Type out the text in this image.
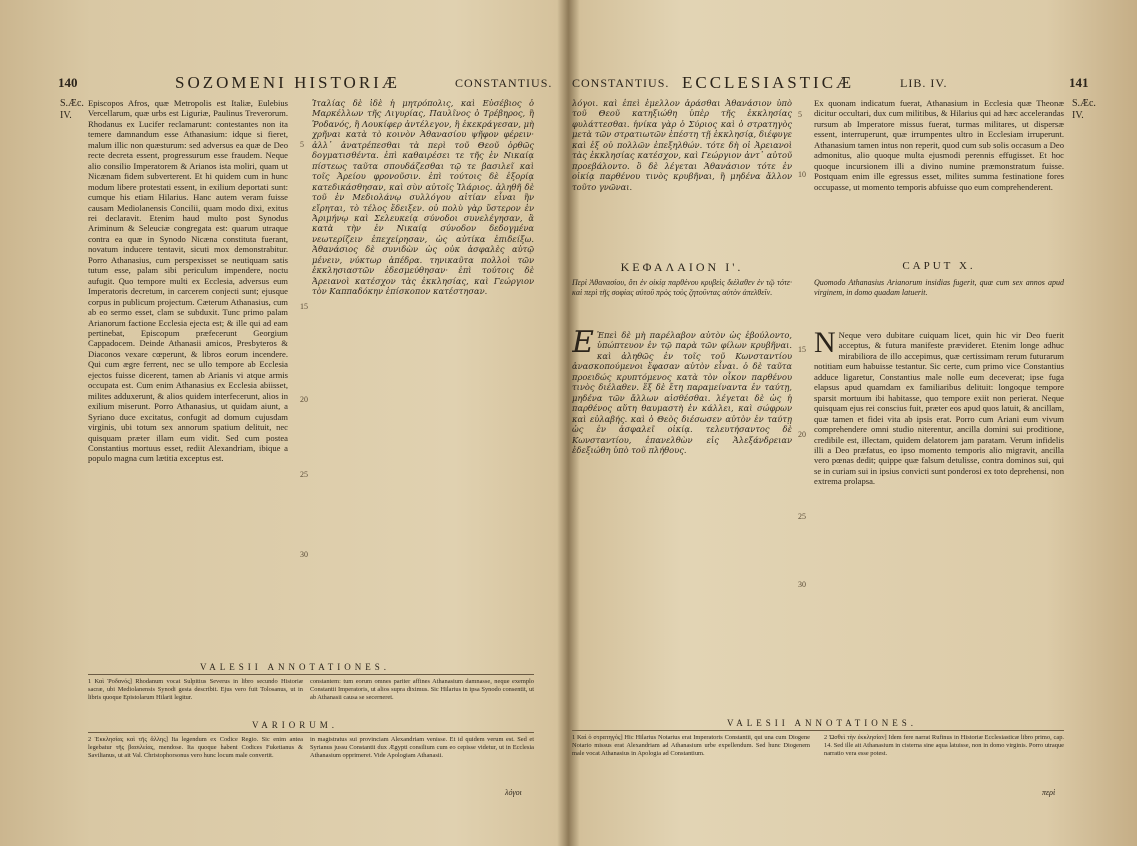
140	SOZOMENI HISTORIÆ	CONSTANTIUS.
S.Æc. IV.

Episcopos Afros, quæ Metropolis est Italiæ, Eulebius Vercellarum, quæ urbs est Liguriæ, Paulinus Treverorum. Rhodanus ex Lucifer reclamarunt: contestantes non ita temere damnandum esse Athanasium: idque si fieret, malum illic non quæsturum: sed adversus ea quæ de Deo recte decreta essent, progressurum esse fraudem. Neque alio consilio Imperatorem & Arianos ista moliri, quam ut Nicænam fidem subverterent. Et hi quidem cum in hunc modum libere protestati essent, in exilium deportati sunt: cumque his etiam Hilarius. Hanc autem veram fuisse causam Mediolanensis Concilii, quam modo dixi, exitus rei declaravit. Etenim haud multo post Synodus Ariminum & Seleuciæ congregata est: quarum utraque contra ea quæ in Synodo Nicæna constituta fuerant, novatum inducere tentavit, sicuti mox demonstrabitur. Porro Athanasius, cum perspexisset se neutiquam satis tutum esse, palam sibi periculum impendere, noctu aufugit. Quo tempore multi ex Ecclesia, adversus eum Imperatoris decretum, in carcerem conjecti sunt; ejusque corpus in publicum projectum. Cæterum Athanasius, cum ab eo sermo esset, clam se subduxit. Tunc primo palam Arianorum factione Ecclesia ejecta est; & ille qui ad eam pertinebat, Episcopum præfecerunt Georgium Cappadocem. Deinde Athanasii amicos, Presbyteros & Diaconos vexare cœperunt, & libros eorum incendere. Qui cum ægre ferrent, nec se ullo tempore ab Ecclesia ejectos fuisse dicerent, tamen ab Arianis vi atque armis occupata est. Cum enim Athanasius ex Ecclesia abiisset, milites adduxerunt, & alios quidem interfecerunt, alios in exilium miserunt. Porro Athanasius, ut quidam aiunt, a Syriano duce excitatus, confugit ad domum cujusdam virginis, ubi totum sex annorum spatium delituit, nec quisquam præter illam eum vidit. Sed cum postea Constantius mortuus esset, rediit Alexandriam, ibique a populo magna cum lætitia exceptus est.

5
15
20
25
30

Ἱταλίας δὲ ἰδὲ ἡ μητρόπολις, καὶ Εὐσέβιος ὁ Μαρκέλλων τῆς Λιγυρίας, Παυλῖνος ὁ Τρέβηρος, ἢ Ῥοδανός, ἢ Λουκίφερ ἀντέλεγον, ἢ ἐκεκράγεσαν, μὴ χρῆναι κατὰ τὸ κοινὸν Ἀθανασίου ψῆφον φέρειν· ἀλλ᾽ ἀνατρέπεσθαι τὰ περὶ τοῦ Θεοῦ ὀρθῶς δογματισθέντα. ἐπὶ καθαιρέσει τε τῆς ἐν Νικαίᾳ πίστεως ταῦτα σπουδάζεσθαι τῷ τε βασιλεῖ καὶ τοῖς Ἀρείου φρονοῦσιν. ἐπὶ τούτοις δὲ ἐξορίᾳ κατεδικάσθησαν, καὶ σὺν αὐτοῖς Ἰλάριος. ἀληθῆ δὲ τοῦ ἐν Μεδιολάνῳ συλλόγου αἰτίαν εἶναι ἢν εἴρηται, τὸ τέλος ἔδειξεν. οὐ πολὺ γὰρ ὕστερον ἐν Ἀριμήνῳ καὶ Σελευκείᾳ σύνοδοι συνελέγησαν, ἃ κατὰ τὴν ἐν Νικαίᾳ σύνοδον δεδογμένα νεωτερίζειν ἐπεχείρησαν, ὡς αὐτίκα ἐπιδείξω. Ἀθανάσιος δὲ συνιδὼν ὡς οὐκ ἀσφαλὲς αὐτῷ μένειν, νύκτωρ ἀπέδρα. τηνικαῦτα πολλοὶ τῶν ἐκκλησιαστῶν ἐδεσμεύθησαν· ἐπὶ τούτοις δὲ Ἀρειανοὶ κατέσχον τὰς ἐκκλησίας, καὶ Γεώργιον τὸν Καππαδόκην ἐπίσκοπον κατέστησαν.

VALESII ANNOTATIONES.
1 Καὶ Ῥοδανός] Rhodanum vocat Sulpitius Severus in libro secundo Historiæ sacræ, ubi Mediolanensis Synodi gesta describit. Ejus vero fuit Tolosanus, ut in libris quoque Epistolarum Hilarii legitur.
constantem: tum eorum omnes pariter affines Athanasium damnasse, neque exemplo Constantii Imperatoris, ut alios supra diximus. Sic Hilarius in ipsa Synodo consentit, ut ab Athanasii causa se secerneret.
VARIORUM.
2 Ἐκκλησίας καὶ τῆς ἄλλης] Ita legendum ex Codice Regio. Sic enim antea legebatur τῆς βασιλείας, mendose. Ita quoque habent Codices Fuketianus & Savilianus, ut ait Val. Christophorsonus vero hunc locum male convertit.
in magistratus sui provinciam Alexandriam venisse. Et id quidem verum est. Sed et Syrianus jussu Constantii dux Ægypti consilium cum eo cepisse videtur, ut in Ecclesia Athanasium opprimeret. Vide Apologiam Athanasii.
λόγοι
CONSTANTIUS. ECCLESIASTICÆ	LIB. IV.	141
S.Æc. IV.

λόγοι. καὶ ἐπεὶ ἐμελλον ἀράσθαι Ἀθανάσιον ὑπὸ τοῦ Θεοῦ κατηξιώθη ὑπὲρ τῆς ἐκκλησίας φυλάττεσθαι. ἡνίκα γὰρ ὁ Σύριος καὶ ὁ στρατηγὸς μετὰ τῶν στρατιωτῶν ἐπέστη τῇ ἐκκλησίᾳ, διέφυγε καὶ ἐξ οὐ πολλῶν ἐπεξηλθών. τότε δὴ οἱ Ἀρειανοὶ τὰς ἐκκλησίας κατέσχον, καὶ Γεώργιον ἀντ᾽ αὐτοῦ προεβάλοντο. ὃ δὲ λέγεται Ἀθανάσιον τότε ἐν οἰκίᾳ παρθένου τινὸς κρυβῆναι, ἢ μηδένα ἄλλον τοῦτο γνῶναι.

5
10

Ex quonam indicatum fuerat, Athanasium in Ecclesia quæ Theonæ dicitur occultari, dux cum militibus, & Hilarius qui ad hæc accelerandas rursum ab Imperatore missus fuerat, turmas militares, ut dispersæ essent, interruperunt, quæ irrumpentes ultro in Ecclesiam irruperunt. Athanasium tamen intus non reperit, quod cum sub solis occasum a Deo admonitus, alio quoque multa ejusmodi perennis effugisset. Et hoc quoque incursionem illi a divino numine præmonstratum fuisse. Postquam enim ille egressus esset, milites summa festinatione fores occupasse, ut momento temporis abfuisse quo eum comprehenderent.

ΚΕΦΑΛΑΙΟΝ Ι'.	CAPUT X.
Περὶ Ἀθανασίου, ὅτι ἐν οἰκίᾳ παρθένου κρυβεὶς διέλαθεν ἐν τῷ τότε· καὶ περὶ τῆς σοφίας αὐτοῦ πρὸς τοὺς ζητοῦντας αὐτὸν ἀπελθεῖν.
Quomodo Athanasius Arianorum insidias fugerit, quæ cum sex annos apud virginem, in domo quadam latuerit.
Ε Ἐπεὶ δὲ μὴ παρέλαβον αὐτὸν ὡς ἐβούλοντο, ὑπώπτευον ἐν τῷ παρὰ τῶν φίλων κρυβῆναι. καὶ ἀληθῶς ἐν τοῖς τοῦ Κωνσταντίου ἀνασκοπούμενοι ἔφασαν αὐτὸν εἶναι. ὁ δὲ ταῦτα προειδώς κρυπτόμενος κατὰ τὸν οἶκον παρθένου τινὸς διέλαθεν. ἕξ δὲ ἔτη παραμείναντα ἐν ταύτῃ, μηδένα τῶν ἄλλων αἰσθέσθαι. λέγεται δὲ ὡς ἡ παρθένος αὕτη θαυμαστὴ ἐν κάλλει, καὶ σώφρων καὶ εὐλαβής. καὶ ὁ Θεὸς διέσωσεν αὐτὸν ἐν ταύτῃ ὡς ἐν ἀσφαλεῖ οἰκίᾳ. τελευτήσαντος δὲ Κωνσταντίου, ἐπανελθὼν εἰς Ἀλεξάνδρειαν ἐδεξιώθη ὑπὸ τοῦ πλήθους.

15
20
25
30
N Neque vero dubitare cuiquam licet, quin hic vir Deo fuerit acceptus, & futura manifeste prævideret. Etenim longe adhuc mirabiliora de illo accepimus, quæ certissimam rerum futurarum notitiam eum habuisse testantur. Sic certe, cum primo vice Constantius adduce ligaretur, Constantius male nolle eum deceverat; ipse fuga elapsus apud quamdam ex familiaribus delituit: longoque tempore sparsit mortuum ibi habitasse, quo tempore exiit non perierat. Neque quisquam ejus rei conscius fuit, præter eos apud quos latuit, & ancillam, quæ tamen et fidei vita ab ipsis erat. Porro cum Ariani eum vivum comprehendere omni studio niterentur, ancilla domini sui proditione, credibile est, illectam, quidem delatorem jam paratam. Verum infidelis illi a Deo præfatus, eo ipso momento temporis alio migravit, ancilla vero pœnas dedit; quippe quæ falsum detulisse, contra dominos sui, qui se in curiam sui in ipsius convicti sunt ponderosi ex toto deprehensi, non extrema prolapsa.

VALESII ANNOTATIONES.
1 Καὶ ὁ στρατηγός] Hic Hilarius Notarius erat Imperatoris Constantii, qui una cum Diogene Notario missus erat Alexandriam ad Athanasium urbe expellendum. Sed hunc Diogenem male vocat Athanasius in Apologia ad Constantium.
2 Ὡσθεὶ τὴν ἐκκλησίαν] Idem fere narrat Rufinus in Historiæ Ecclesiasticæ libro primo, cap. 14. Sed ille ait Athanasium in cisterna sine aqua latuisse, non in domo virginis. Porro utraque narratio vera esse potest.
περὶ
